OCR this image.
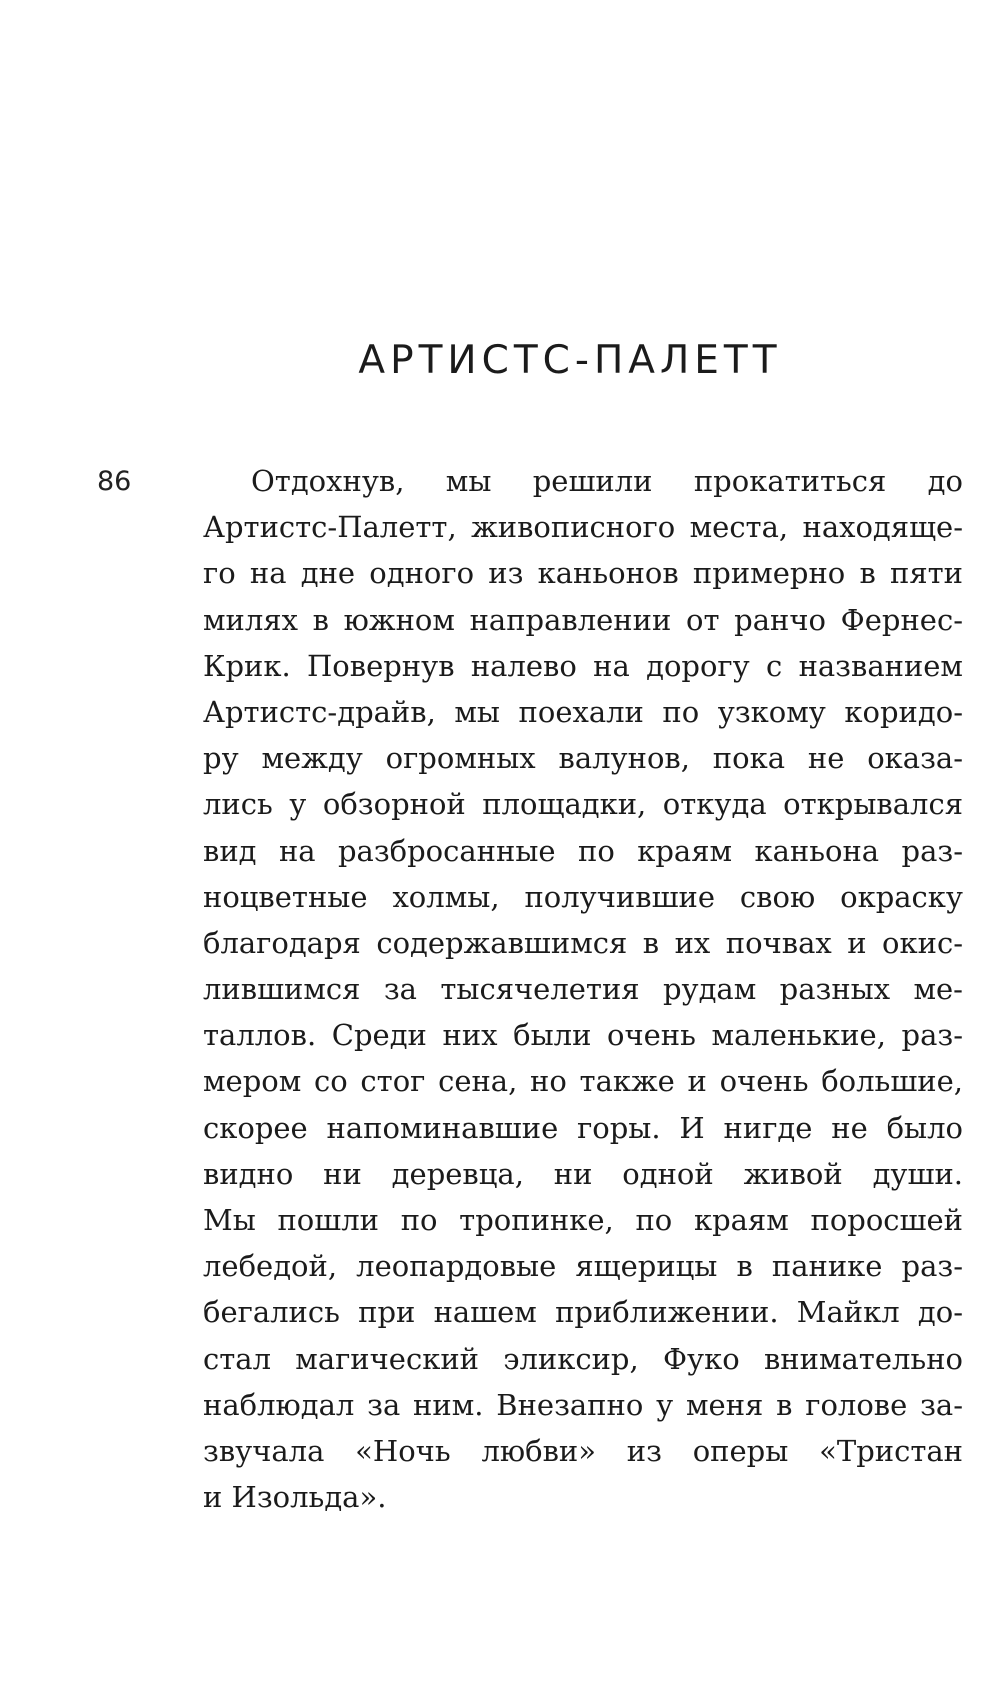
АРТИСТС-ПАЛЕТТ
86	Отдохнув, мы решили прокатиться до
Артистс-Палетт, живописного места, находяще-
го на дне одного из каньонов примерно в пяти
милях в южном направлении от ранчо Фернес-
Крик. Повернув налево на дорогу с названием
Артистс-драйв, мы поехали по узкому коридо-
ру между огромных валунов, пока не оказа-
лись у обзорной площадки, откуда открывался
вид на разбросанные по краям каньона раз-
ноцветные холмы, получившие свою окраску
благодаря содержавшимся в их почвах и окис-
лившимся за тысячелетия рудам разных ме-
таллов. Среди них были очень маленькие, раз-
мером со стог сена, но также и очень большие,
скорее напоминавшие горы. И нигде не было
видно ни деревца, ни одной живой души.
Мы пошли по тропинке, по краям поросшей
лебедой, леопардовые ящерицы в панике раз-
бегались при нашем приближении. Майкл до-
стал магический эликсир, Фуко внимательно
наблюдал за ним. Внезапно у меня в голове за-
звучала «Ночь любви» из оперы «Тристан
и Изольда».
